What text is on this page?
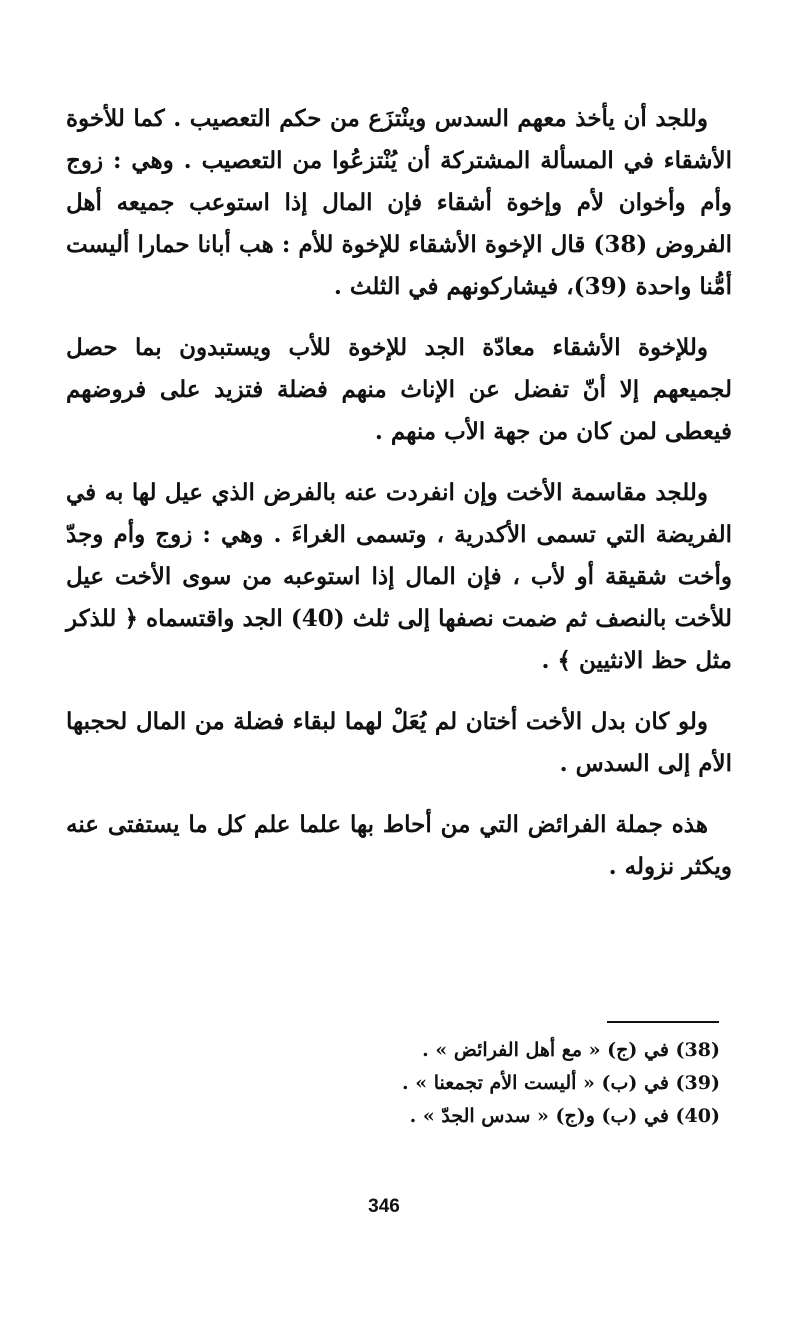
وللجد أن يأخذ معهم السدس وينْتزَع من حكم التعصيب . كما للأخوة الأشقاء في المسألة المشتركة أن يُنْتزعُوا من التعصيب . وهي : زوج وأم وأخوان لأم وإخوة أشقاء فإن المال إذا استوعب جميعه أهل الفروض (38) قال الإخوة الأشقاء للإخوة للأم : هب أبانا حمارا أليست أمُّنا واحدة (39)، فيشاركونهم في الثلث .

وللإخوة الأشقاء معادّة الجد للإخوة للأب ويستبدون بما حصل لجميعهم إلا أنّ تفضل عن الإناث منهم فضلة فتزيد على فروضهم فيعطى لمن كان من جهة الأب منهم .

وللجد مقاسمة الأخت وإن انفردت عنه بالفرض الذي عيل لها به في الفريضة التي تسمى الأكدرية ، وتسمى الغراءَ . وهي : زوج وأم وجدّ وأخت شقيقة أو لأب ، فإن المال إذا استوعبه من سوى الأخت عيل للأخت بالنصف ثم ضمت نصفها إلى ثلث (40) الجد واقتسماه ﴿ للذكر مثل حظ الانثيين ﴾ .

ولو كان بدل الأخت أختان لم يُعَلْ لهما لبقاء فضلة من المال لحجبها الأم إلى السدس .

هذه جملة الفرائض التي من أحاط بها علما علم كل ما يستفتى عنه ويكثر نزوله .

(38) في (ج) « مع أهل الفرائض » .

(39) في (ب) « أليست الأم تجمعنا » .

(40) في (ب) و(ج) « سدس الجدّ » .

346
